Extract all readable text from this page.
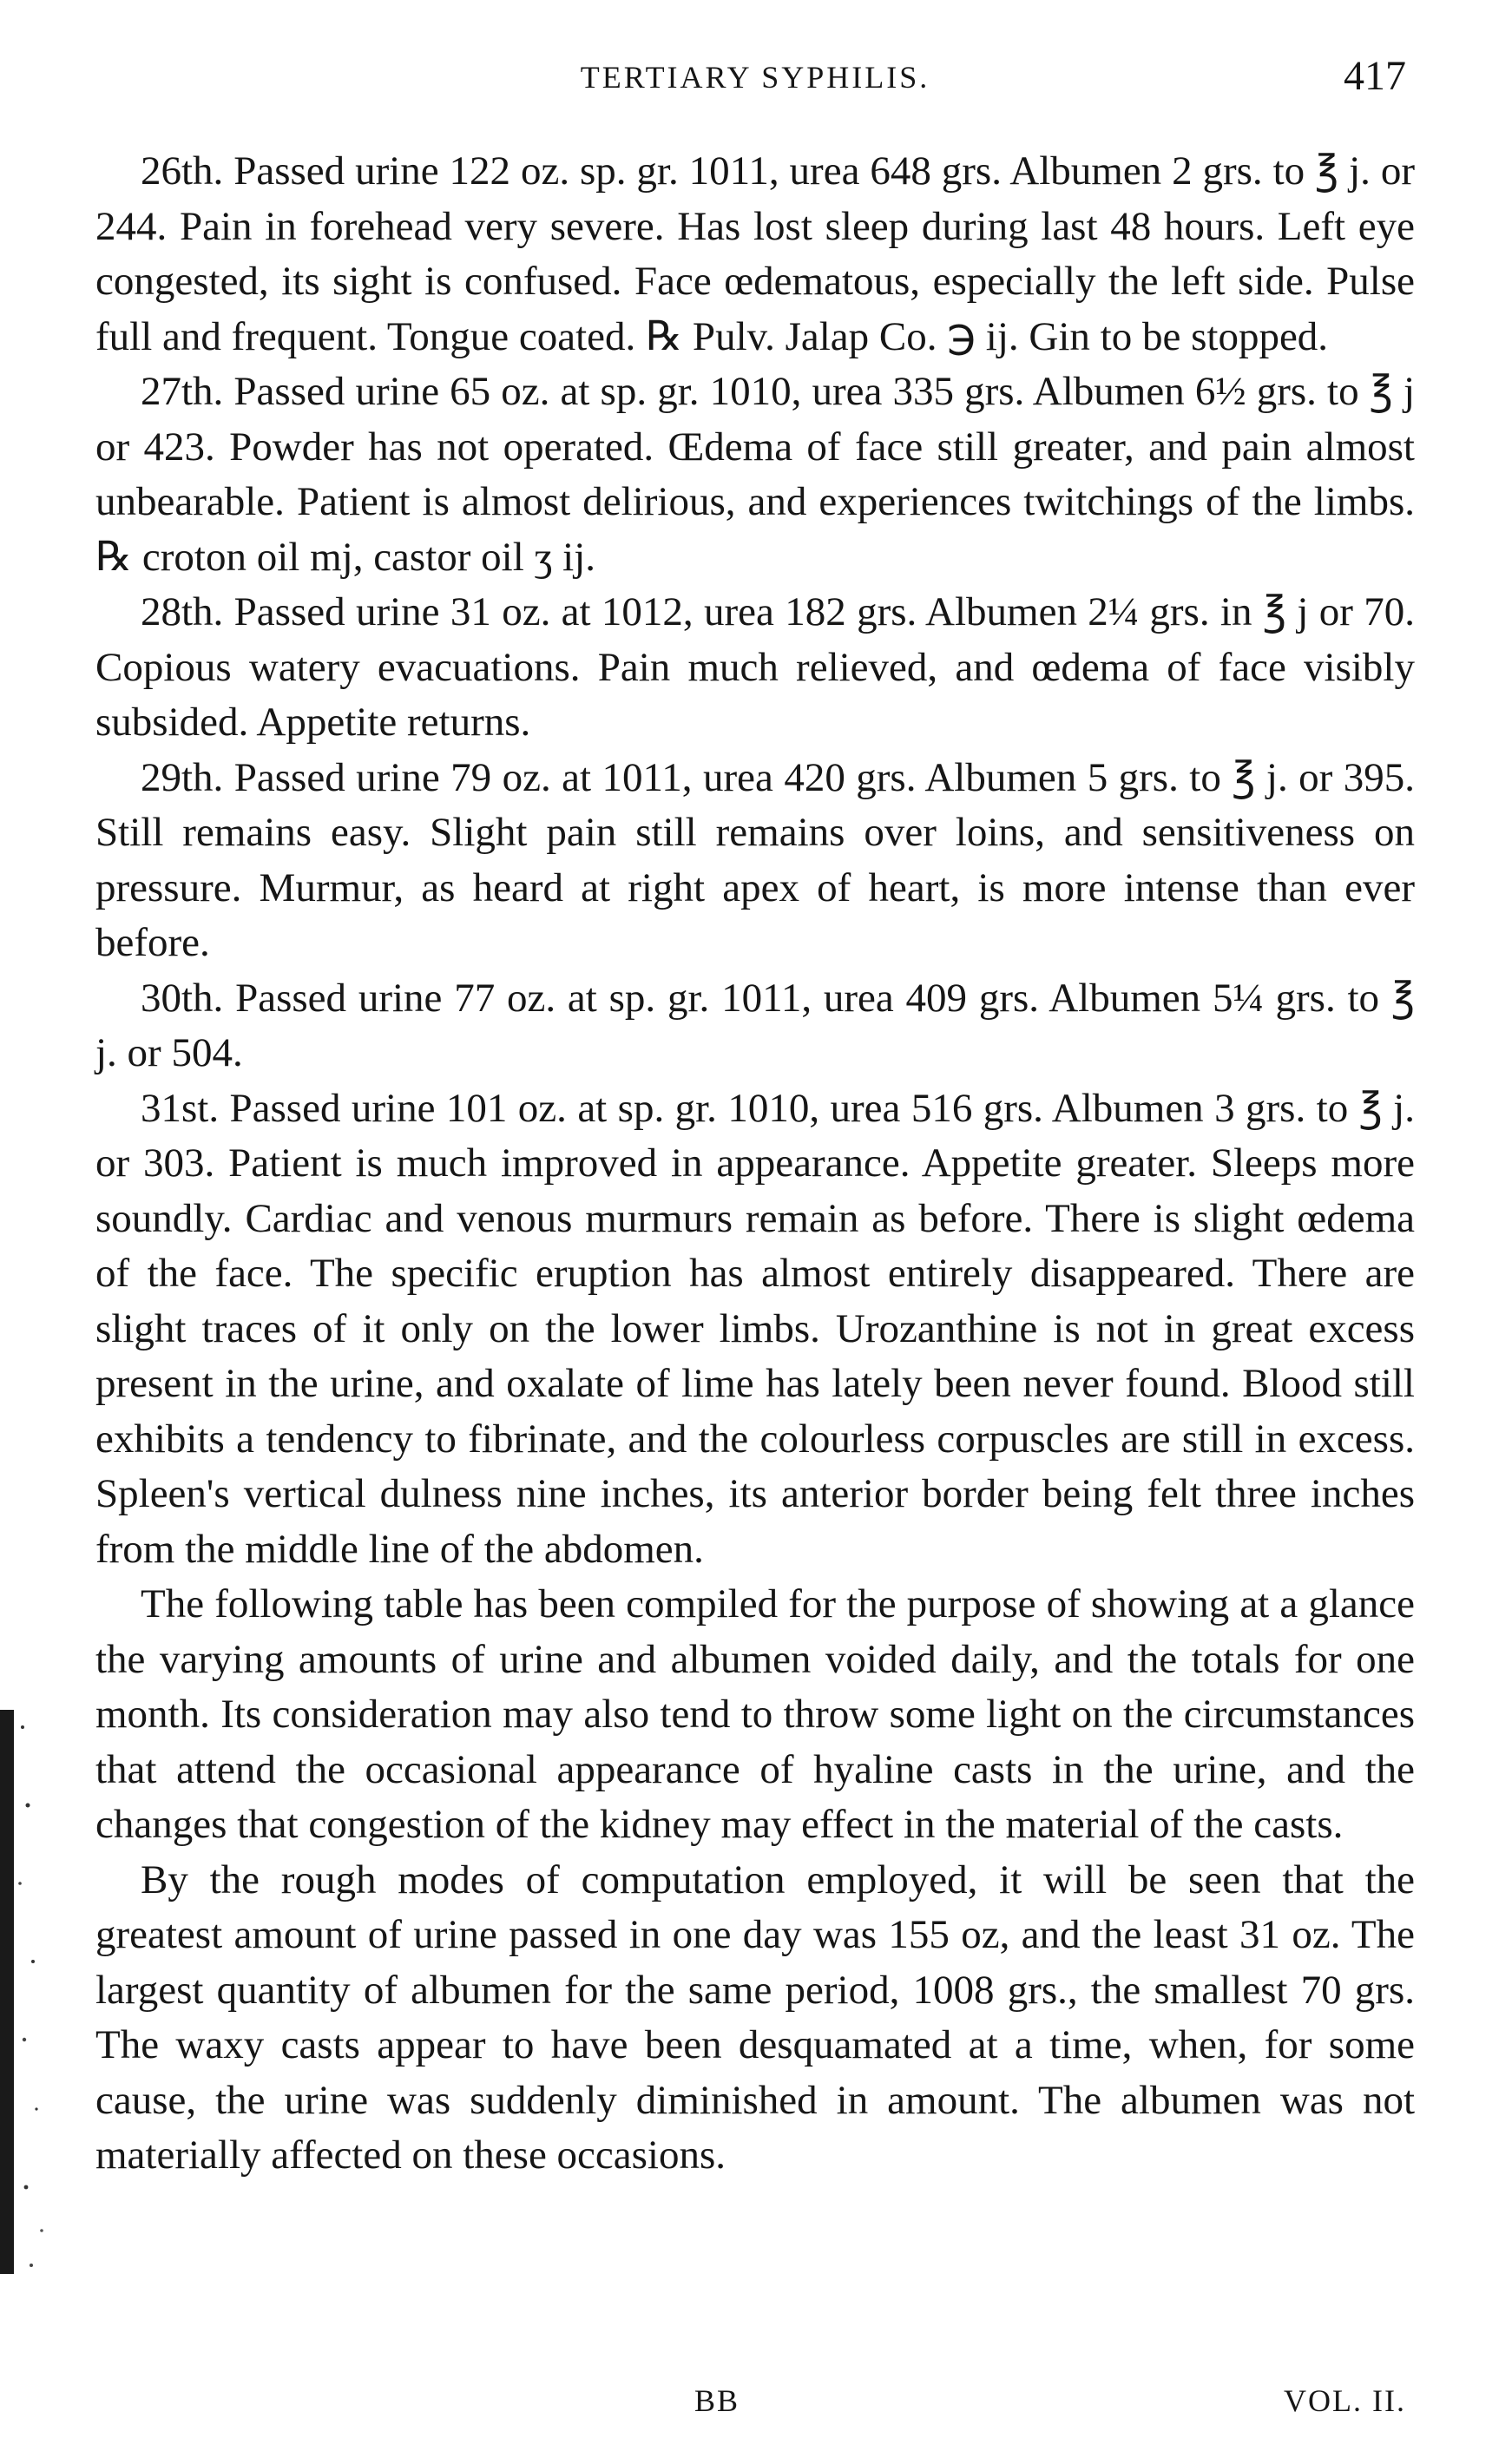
TERTIARY SYPHILIS.	417

26th. Passed urine 122 oz. sp. gr. 1011, urea 648 grs. Albumen 2 grs. to ℥ j. or 244. Pain in forehead very severe. Has lost sleep during last 48 hours. Left eye congested, its sight is confused. Face œdematous, especially the left side. Pulse full and frequent. Tongue coated. ℞ Pulv. Jalap Co. ℈ ij. Gin to be stopped.

27th. Passed urine 65 oz. at sp. gr. 1010, urea 335 grs. Albumen 6½ grs. to ℥ j or 423. Powder has not operated. Œdema of face still greater, and pain almost unbearable. Patient is almost delirious, and experiences twitchings of the limbs. ℞ croton oil mj, castor oil ʒ ij.

28th. Passed urine 31 oz. at 1012, urea 182 grs. Albumen 2¼ grs. in ℥ j or 70. Copious watery evacuations. Pain much relieved, and œdema of face visibly subsided. Appetite returns.

29th. Passed urine 79 oz. at 1011, urea 420 grs. Albumen 5 grs. to ℥ j. or 395. Still remains easy. Slight pain still remains over loins, and sensitiveness on pressure. Murmur, as heard at right apex of heart, is more intense than ever before.

30th. Passed urine 77 oz. at sp. gr. 1011, urea 409 grs. Albumen 5¼ grs. to ℥ j. or 504.

31st. Passed urine 101 oz. at sp. gr. 1010, urea 516 grs. Albumen 3 grs. to ℥ j. or 303. Patient is much improved in appearance. Appetite greater. Sleeps more soundly. Cardiac and venous murmurs remain as before. There is slight œdema of the face. The specific eruption has almost entirely disappeared. There are slight traces of it only on the lower limbs. Urozanthine is not in great excess present in the urine, and oxalate of lime has lately been never found. Blood still exhibits a tendency to fibrinate, and the colourless corpuscles are still in excess. Spleen's vertical dulness nine inches, its anterior border being felt three inches from the middle line of the abdomen.

The following table has been compiled for the purpose of showing at a glance the varying amounts of urine and albumen voided daily, and the totals for one month. Its consideration may also tend to throw some light on the circumstances that attend the occasional appearance of hyaline casts in the urine, and the changes that congestion of the kidney may effect in the material of the casts.

By the rough modes of computation employed, it will be seen that the greatest amount of urine passed in one day was 155 oz, and the least 31 oz. The largest quantity of albumen for the same period, 1008 grs., the smallest 70 grs. The waxy casts appear to have been desquamated at a time, when, for some cause, the urine was suddenly diminished in amount. The albumen was not materially affected on these occasions.

BB	VOL. II.
